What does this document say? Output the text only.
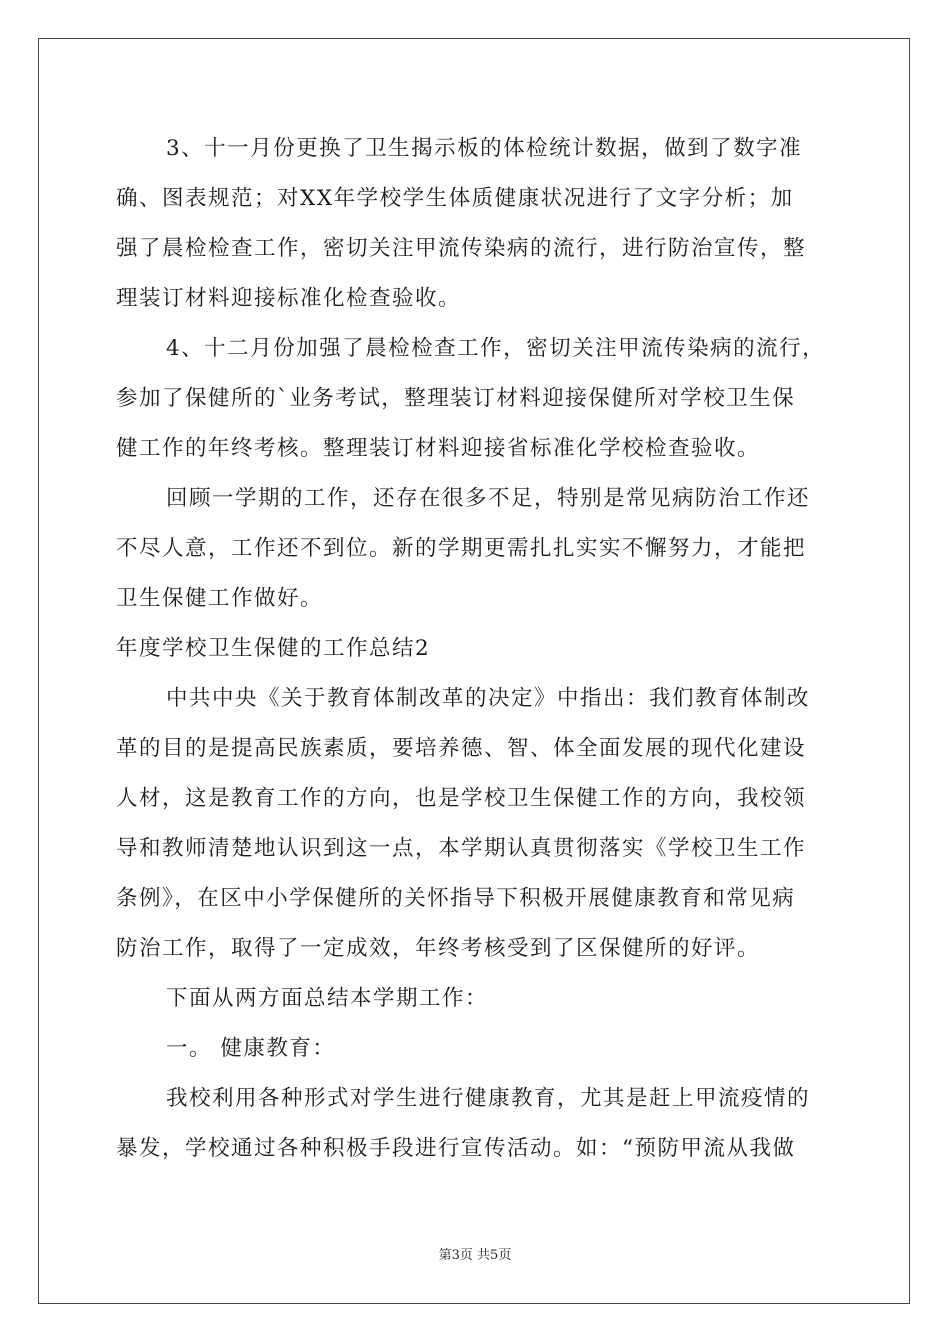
3、十一月份更换了卫生揭示板的体检统计数据，做到了数字准
确、图表规范；对XX年学校学生体质健康状况进行了文字分析；加
强了晨检检查工作，密切关注甲流传染病的流行，进行防治宣传，整
理装订材料迎接标准化检查验收。
4、十二月份加强了晨检检查工作，密切关注甲流传染病的流行，
参加了保健所的`业务考试，整理装订材料迎接保健所对学校卫生保
健工作的年终考核。整理装订材料迎接省标准化学校检查验收。
回顾一学期的工作，还存在很多不足，特别是常见病防治工作还
不尽人意，工作还不到位。新的学期更需扎扎实实不懈努力，才能把
卫生保健工作做好。
年度学校卫生保健的工作总结2
中共中央《关于教育体制改革的决定》中指出：我们教育体制改
革的目的是提高民族素质，要培养德、智、体全面发展的现代化建设
人材，这是教育工作的方向，也是学校卫生保健工作的方向，我校领
导和教师清楚地认识到这一点，本学期认真贯彻落实《学校卫生工作
条例》，在区中小学保健所的关怀指导下积极开展健康教育和常见病
防治工作，取得了一定成效，年终考核受到了区保健所的好评。
下面从两方面总结本学期工作：
一。 健康教育：
我校利用各种形式对学生进行健康教育，尤其是赶上甲流疫情的
暴发，学校通过各种积极手段进行宣传活动。如：“预防甲流从我做
第3页 共5页
